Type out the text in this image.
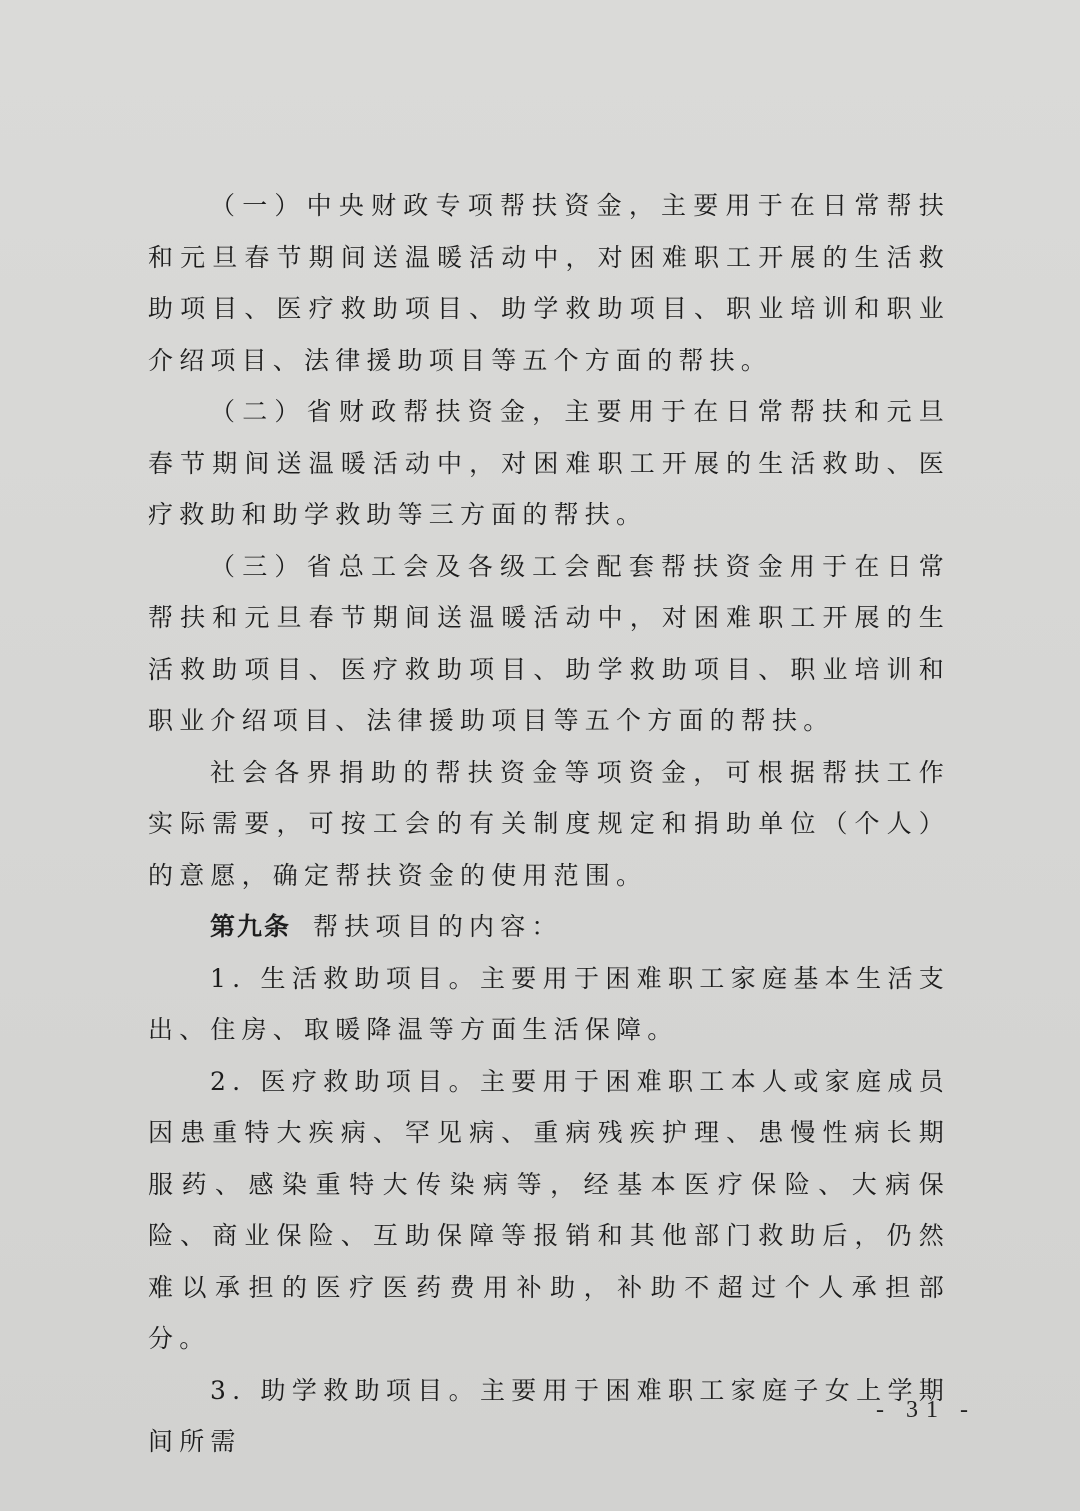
（一）中央财政专项帮扶资金，主要用于在日常帮扶和元旦春节期间送温暖活动中，对困难职工开展的生活救助项目、医疗救助项目、助学救助项目、职业培训和职业介绍项目、法律援助项目等五个方面的帮扶。

（二）省财政帮扶资金，主要用于在日常帮扶和元旦春节期间送温暖活动中，对困难职工开展的生活救助、医疗救助和助学救助等三方面的帮扶。

（三）省总工会及各级工会配套帮扶资金用于在日常帮扶和元旦春节期间送温暖活动中，对困难职工开展的生活救助项目、医疗救助项目、助学救助项目、职业培训和职业介绍项目、法律援助项目等五个方面的帮扶。

社会各界捐助的帮扶资金等项资金，可根据帮扶工作实际需要，可按工会的有关制度规定和捐助单位（个人）的意愿，确定帮扶资金的使用范围。

第九条 帮扶项目的内容：

1. 生活救助项目。主要用于困难职工家庭基本生活支出、住房、取暖降温等方面生活保障。

2. 医疗救助项目。主要用于困难职工本人或家庭成员因患重特大疾病、罕见病、重病残疾护理、患慢性病长期服药、感染重特大传染病等，经基本医疗保险、大病保险、商业保险、互助保障等报销和其他部门救助后，仍然难以承担的医疗医药费用补助，补助不超过个人承担部分。

3. 助学救助项目。主要用于困难职工家庭子女上学期间所需

- 31 -
